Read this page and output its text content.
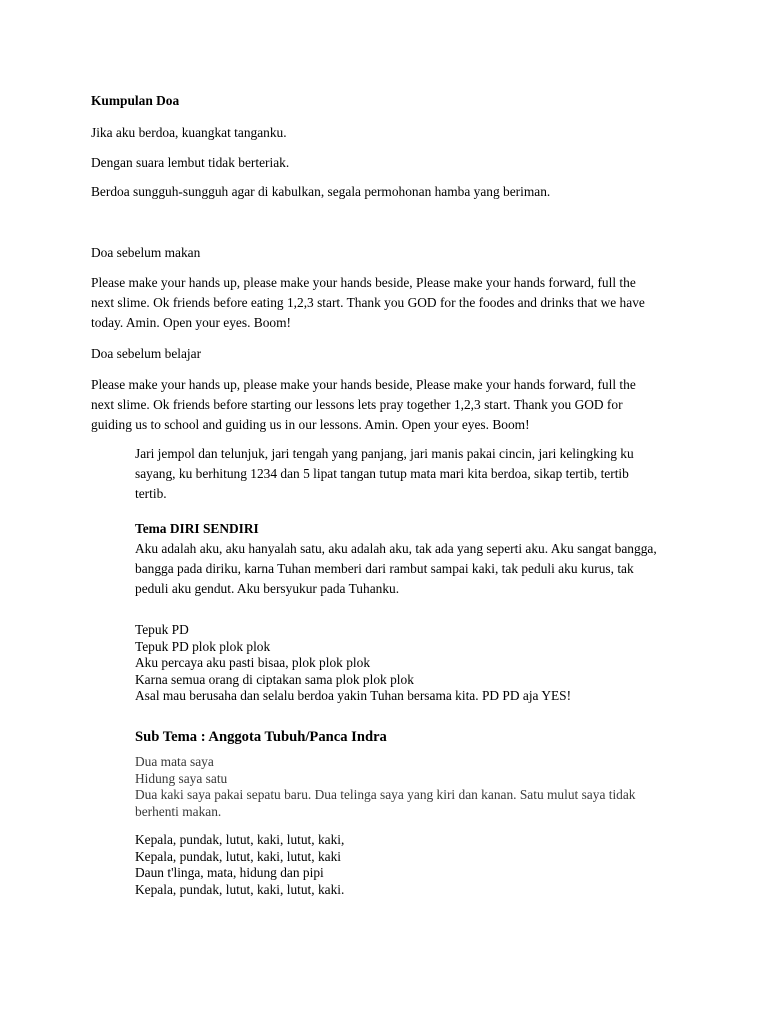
Kumpulan Doa

Jika aku berdoa, kuangkat tanganku.

Dengan suara lembut tidak berteriak.

Berdoa sungguh-sungguh agar di kabulkan, segala permohonan hamba yang beriman.

Doa sebelum makan

Please make your hands up, please make your hands beside, Please make your hands forward, full the
next slime. Ok friends before eating 1,2,3 start. Thank you GOD for the foodes and drinks that we have
today. Amin. Open your eyes. Boom!

Doa sebelum belajar

Please make your hands up, please make your hands beside, Please make your hands forward, full the
next slime. Ok friends before starting our lessons lets pray together 1,2,3 start. Thank you GOD for
guiding us to school and guiding us in our lessons. Amin. Open your eyes. Boom!
Jari jempol dan telunjuk, jari tengah yang panjang, jari manis pakai cincin, jari kelingking ku
sayang, ku berhitung 1234 dan 5 lipat tangan tutup mata mari kita berdoa, sikap tertib, tertib
tertib.

Tema DIRI SENDIRI

Aku adalah aku, aku hanyalah satu, aku adalah aku, tak ada yang seperti aku. Aku sangat bangga,
bangga pada diriku, karna Tuhan memberi dari rambut sampai kaki, tak peduli aku kurus, tak
peduli aku gendut. Aku bersyukur pada Tuhanku.
Tepuk PD
Tepuk PD plok plok plok
Aku percaya aku pasti bisaa, plok plok plok
Karna semua orang di ciptakan sama plok plok plok
Asal mau berusaha dan selalu berdoa yakin Tuhan bersama kita. PD PD aja YES!

Sub Tema : Anggota Tubuh/Panca Indra

Dua mata saya
Hidung saya satu
Dua kaki saya pakai sepatu baru. Dua telinga saya yang kiri dan kanan. Satu mulut saya tidak
berhenti makan.
Kepala, pundak, lutut, kaki, lutut, kaki,
Kepala, pundak, lutut, kaki, lutut, kaki
Daun t'linga, mata, hidung dan pipi
Kepala, pundak, lutut, kaki, lutut, kaki.
